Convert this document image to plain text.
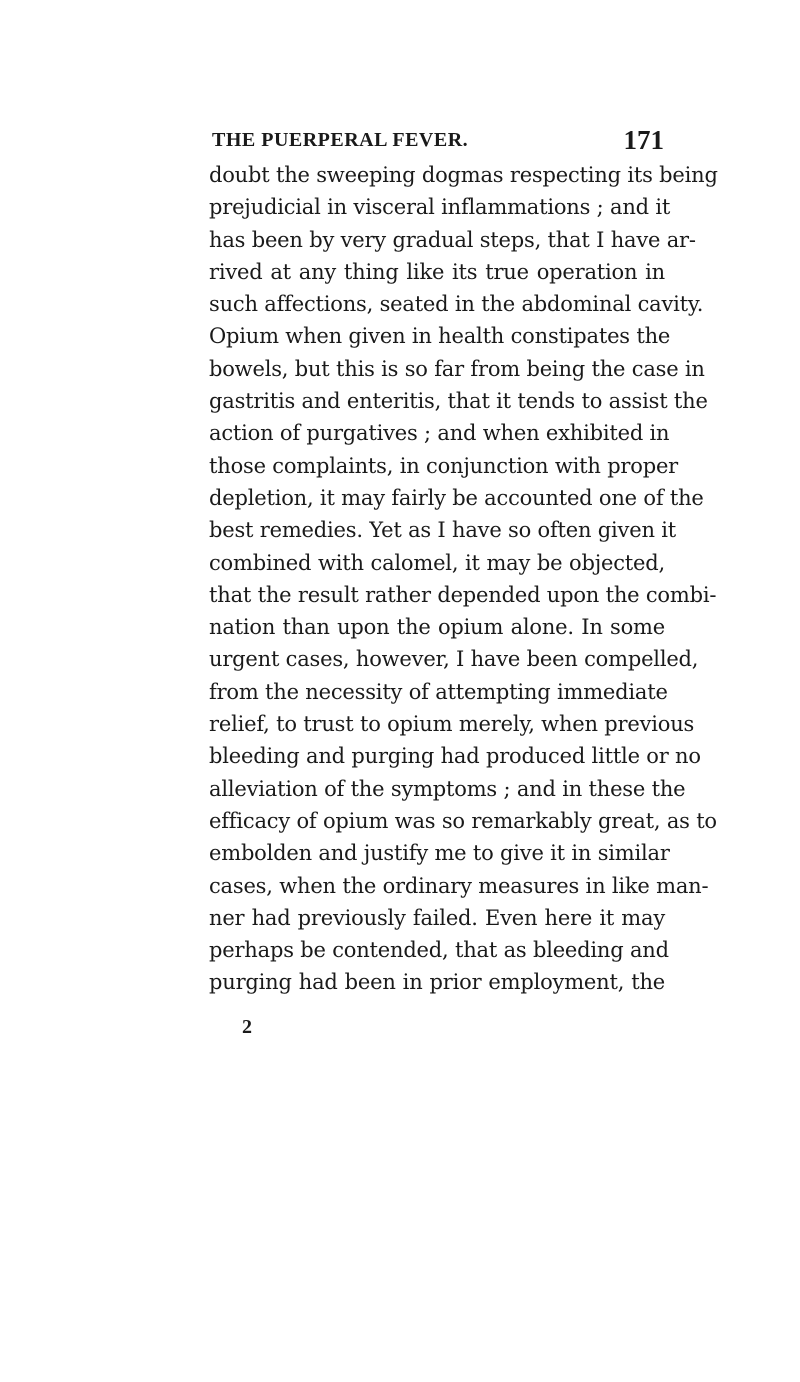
THE PUERPERAL FEVER.	171
doubt the sweeping dogmas respecting its being
prejudicial in visceral inflammations ; and it
has been by very gradual steps, that I have ar-
rived at any thing like its true operation in
such affections, seated in the abdominal cavity.
Opium when given in health constipates the
bowels, but this is so far from being the case in
gastritis and enteritis, that it tends to assist the
action of purgatives ; and when exhibited in
those complaints, in conjunction with proper
depletion, it may fairly be accounted one of the
best remedies. Yet as I have so often given it
combined with calomel, it may be objected,
that the result rather depended upon the combi-
nation than upon the opium alone. In some
urgent cases, however, I have been compelled,
from the necessity of attempting immediate
relief, to trust to opium merely, when previous
bleeding and purging had produced little or no
alleviation of the symptoms ; and in these the
efficacy of opium was so remarkably great, as to
embolden and justify me to give it in similar
cases, when the ordinary measures in like man-
ner had previously failed. Even here it may
perhaps be contended, that as bleeding and
purging had been in prior employment, the
2
